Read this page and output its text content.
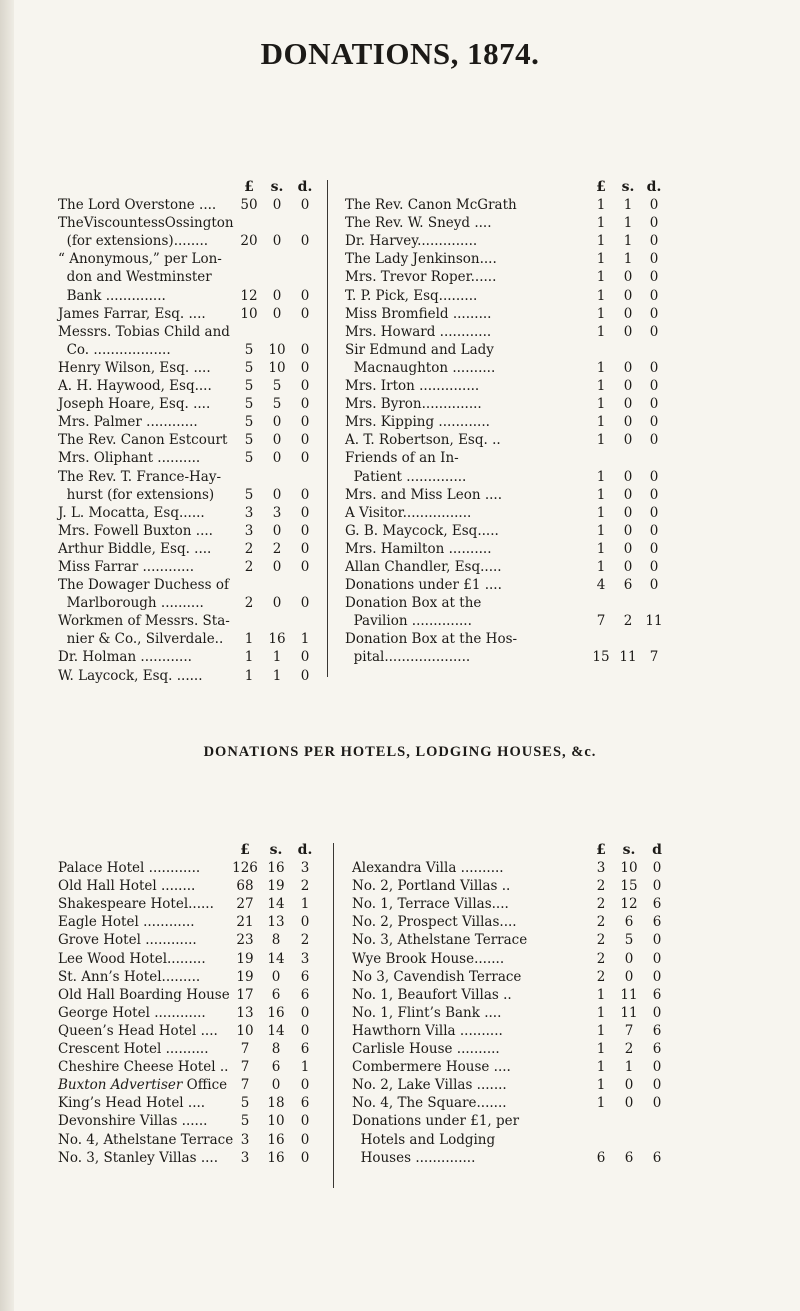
DONATIONS, 1874.
£	s.	d.
The Lord Overstone ....	50	0	0
TheViscountessOssington
(for extensions)........	20	0	0
“ Anonymous,” per Lon-
don and Westminster
Bank ..............	12	0	0
James Farrar, Esq. ....	10	0	0
Messrs. Tobias Child and
Co. ..................	5	10	0
Henry Wilson, Esq. ....	5	10	0
A. H. Haywood, Esq....	5	5	0
Joseph Hoare, Esq. ....	5	5	0
Mrs. Palmer ............	5	0	0
The Rev. Canon Estcourt	5	0	0
Mrs. Oliphant ..........	5	0	0
The Rev. T. France-Hay-
hurst (for extensions)	5	0	0
J. L. Mocatta, Esq......	3	3	0
Mrs. Fowell Buxton ....	3	0	0
Arthur Biddle, Esq. ....	2	2	0
Miss Farrar ............	2	0	0
The Dowager Duchess of
Marlborough ..........	2	0	0
Workmen of Messrs. Sta-
nier & Co., Silverdale..	1	16	1
Dr. Holman ............	1	1	0
W. Laycock, Esq. ......	1	1	0
£	s. d.
The Rev. Canon McGrath	1	1	0
The Rev. W. Sneyd ....	1	1	0
Dr. Harvey..............	1	1	0
The Lady Jenkinson....	1	1	0
Mrs. Trevor Roper......	1	0	0
T. P. Pick, Esq.........	1	0	0
Miss Bromfield .........	1	0	0
Mrs. Howard ............	1	0	0
Sir Edmund and Lady
Macnaughton ..........	1	0	0
Mrs. Irton ..............	1	0	0
Mrs. Byron..............	1	0	0
Mrs. Kipping ............	1	0	0
A. T. Robertson, Esq. ..	1	0	0
Friends of an In-
Patient ..............	1	0	0
Mrs. and Miss Leon ....	1	0	0
A Visitor................	1	0	0
G. B. Maycock, Esq.....	1	0	0
Mrs. Hamilton ..........	1	0	0
Allan Chandler, Esq.....	1	0	0
Donations under £1 ....	4	6	0
Donation Box at the
Pavilion ..............	7	2 11
Donation Box at the Hos-
pital....................	15 11 7
DONATIONS PER HOTELS, LODGING HOUSES, &c.
£	s.	d.
Palace Hotel ............ 126 16	3
Old Hall Hotel ........	68	19	2
Shakespeare Hotel......	27	14	1
Eagle Hotel ............	21	13	0
Grove Hotel ............	23	8	2
Lee Wood Hotel.........	19	14	3
St. Ann’s Hotel.........	19	0	6
Old Hall Boarding House 17	6	6
George Hotel ............	13	16	0
Queen’s Head Hotel ....	10	14	0
Crescent Hotel ..........	7	8	6
Cheshire Cheese Hotel .. 7	6	1
Buxton Advertiser Office	7	0	0
King’s Head Hotel ....	5	18	6
Devonshire Villas ......	5	10	0
No. 4, Athelstane Terrace 3	16	0
No. 3, Stanley Villas ....	3	16	0
£	s.	d
Alexandra Villa ..........	3	10	0
No. 2, Portland Villas ..	2	15	0
No. 1, Terrace Villas....	2	12	6
No. 2, Prospect Villas....	2	6	6
No. 3, Athelstane Terrace	2	5	0
Wye Brook House.......	2	0	0
No 3, Cavendish Terrace	2	0	0
No. 1, Beaufort Villas ..	1	11	6
No. 1, Flint’s Bank ....	1	11	0
Hawthorn Villa ..........	1	7	6
Carlisle House ..........	1	2	6
Combermere House ....	1	1	0
No. 2, Lake Villas .......	1	0	0
No. 4, The Square.......	1	0	0
Donations under £1, per
Hotels and Lodging
Houses ..............	6	6	6
